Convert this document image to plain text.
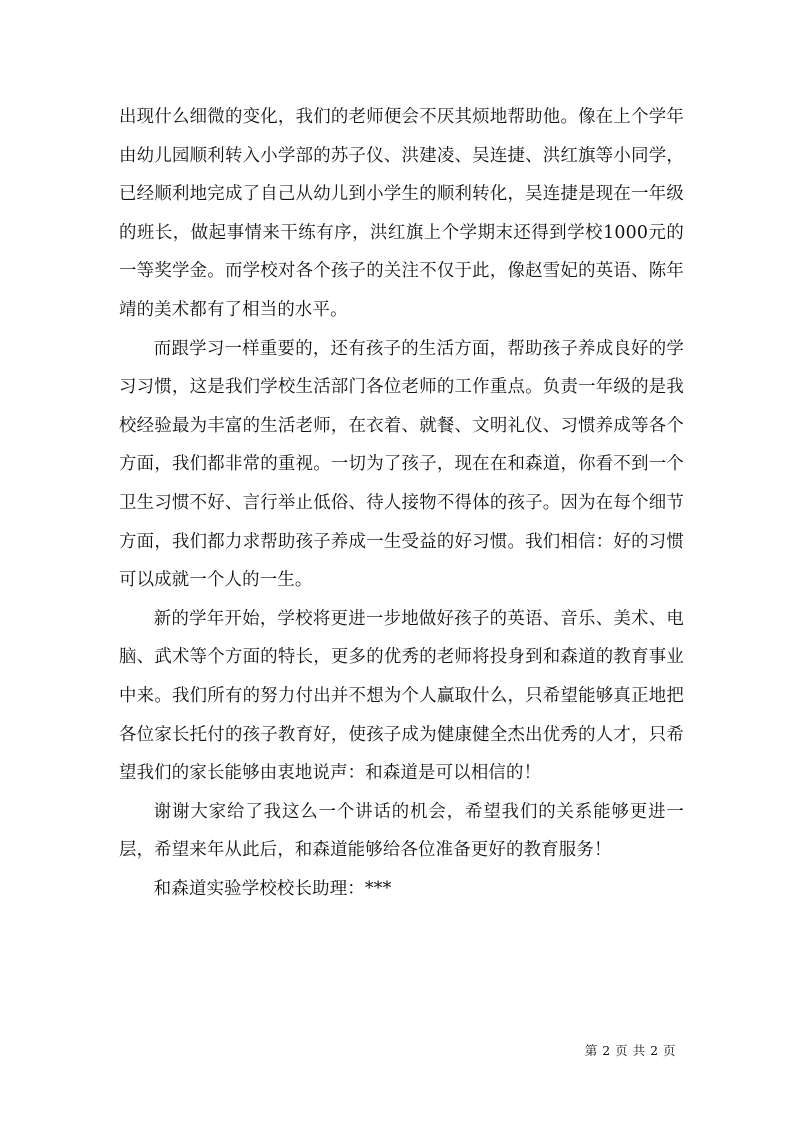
出现什么细微的变化，我们的老师便会不厌其烦地帮助他。像在上个学年由幼儿园顺利转入小学部的苏子仪、洪建凌、吴连捷、洪红旗等小同学，已经顺利地完成了自己从幼儿到小学生的顺利转化，吴连捷是现在一年级的班长，做起事情来干练有序，洪红旗上个学期末还得到学校1000元的一等奖学金。而学校对各个孩子的关注不仅于此，像赵雪妃的英语、陈年靖的美术都有了相当的水平。

而跟学习一样重要的，还有孩子的生活方面，帮助孩子养成良好的学习习惯，这是我们学校生活部门各位老师的工作重点。负责一年级的是我校经验最为丰富的生活老师，在衣着、就餐、文明礼仪、习惯养成等各个方面，我们都非常的重视。一切为了孩子，现在在和森道，你看不到一个卫生习惯不好、言行举止低俗、待人接物不得体的孩子。因为在每个细节方面，我们都力求帮助孩子养成一生受益的好习惯。我们相信：好的习惯可以成就一个人的一生。

新的学年开始，学校将更进一步地做好孩子的英语、音乐、美术、电脑、武术等个方面的特长，更多的优秀的老师将投身到和森道的教育事业中来。我们所有的努力付出并不想为个人赢取什么，只希望能够真正地把各位家长托付的孩子教育好，使孩子成为健康健全杰出优秀的人才，只希望我们的家长能够由衷地说声：和森道是可以相信的！

谢谢大家给了我这么一个讲话的机会，希望我们的关系能够更进一层，希望来年从此后，和森道能够给各位准备更好的教育服务！

和森道实验学校校长助理：***

第 2 页 共 2 页
